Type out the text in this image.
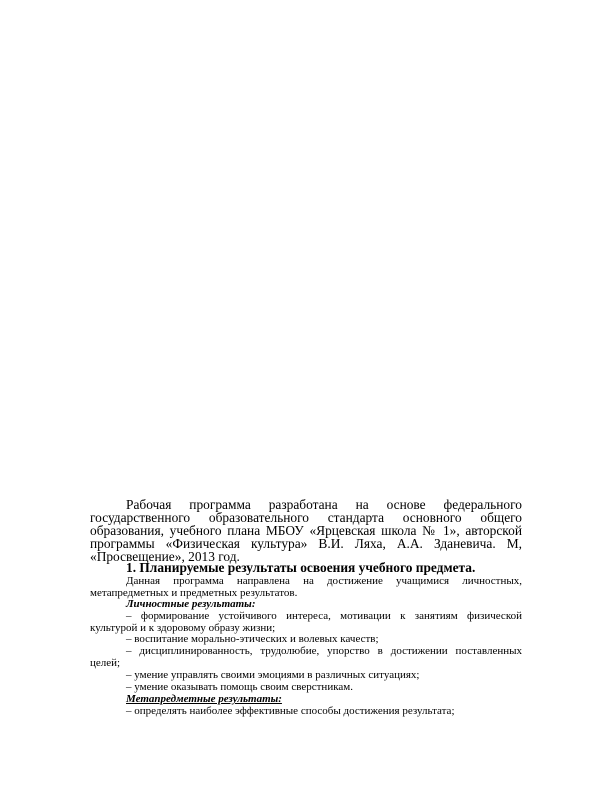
Рабочая программа разработана на основе федерального
государственного образовательного стандарта основного общего
образования, учебного плана МБОУ «Ярцевская школа № 1», авторской
программы «Физическая культура» В.И. Ляха, А.А. Зданевича. М,
«Просвещение», 2013 год.
1. Планируемые результаты освоения учебного предмета.
Данная программа направлена на достижение учащимися личностных,
метапредметных и предметных результатов.
Личностные результаты:
– формирование устойчивого интереса, мотивации к занятиям физической
культурой и к здоровому образу жизни;
– воспитание морально-этических и волевых качеств;
– дисциплинированность, трудолюбие, упорство в достижении поставленных
целей;
– умение управлять своими эмоциями в различных ситуациях;
– умение оказывать помощь своим сверстникам.
Метапредметные результаты:
– определять наиболее эффективные способы достижения результата;
